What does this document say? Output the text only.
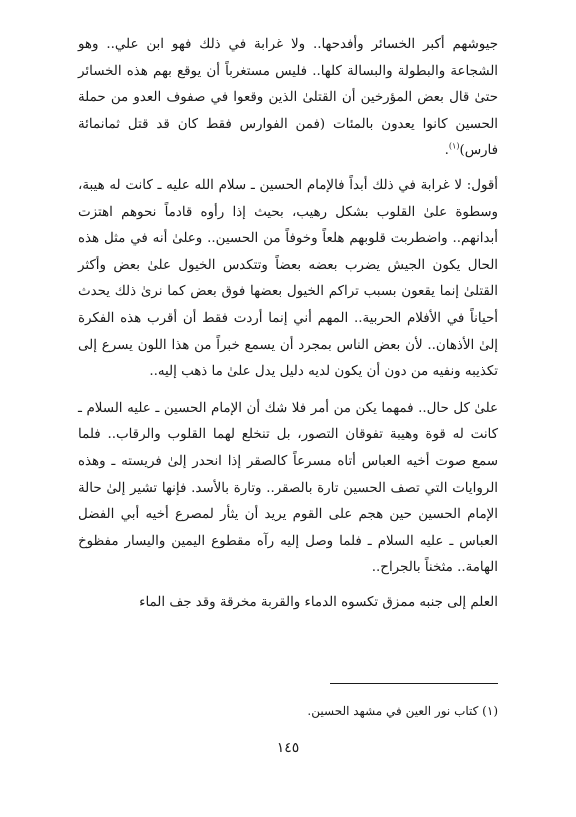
جيوشهم أكبر الخسائر وأفدحها.. ولا غرابة في ذلك فهو ابن علي.. وهو الشجاعة والبطولة والبسالة كلها.. فليس مستغرباً أن يوقع بهم هذه الخسائر حتىٰ قال بعض المؤرخين أن القتلىٰ الذين وقعوا في صفوف العدو من حملة الحسين كانوا يعدون بالمئات (فمن الفوارس فقط كان قد قتل ثمانمائة فارس)$^{(١)}$.

أقول: لا غرابة في ذلك أبداً فالإمام الحسين ـ سلام الله عليه ـ كانت له هيبة، وسطوة علىٰ القلوب بشكل رهيب، بحيث إذا رأوه قادماً نحوهم اهتزت أبدانهم.. واضطربت قلوبهم هلعاً وخوفاً من الحسين.. وعلىٰ أنه في مثل هذه الحال يكون الجيش يضرب بعضه بعضاً وتتكدس الخيول علىٰ بعض وأكثر القتلىٰ إنما يقعون بسبب تراكم الخيول بعضها فوق بعض كما نرىٰ ذلك يحدث أحياناً في الأفلام الحربية.. المهم أني إنما أردت فقط أن أقرب هذه الفكرة إلىٰ الأذهان.. لأن بعض الناس بمجرد أن يسمع خبراً من هذا اللون يسرع إلى تكذيبه ونفيه من دون أن يكون لديه دليل يدل علىٰ ما ذهب إليه..

علىٰ كل حال.. فمهما يكن من أمر فلا شك أن الإمام الحسين ـ عليه السلام ـ كانت له قوة وهيبة تفوقان التصور، بل تنخلع لهما القلوب والرقاب.. فلما سمع صوت أخيه العباس أتاه مسرعاً كالصقر إذا انحدر إلىٰ فريسته ـ وهذه الروايات التي تصف الحسين تارة بالصقر.. وتارة بالأسد. فإنها تشير إلىٰ حالة الإمام الحسين حين هجم على القوم يريد أن يثأر لمصرع أخيه أبي الفضل العباس ـ عليه السلام ـ فلما وصل إليه رآه مقطوع اليمين واليسار مفظوخ الهامة.. مثخناً بالجراح..

العلم إلى جنبه ممزق تكسوه الدماء والقربة مخرقة وقد جف الماء

(١) كتاب نور العين في مشهد الحسين.
١٤٥
